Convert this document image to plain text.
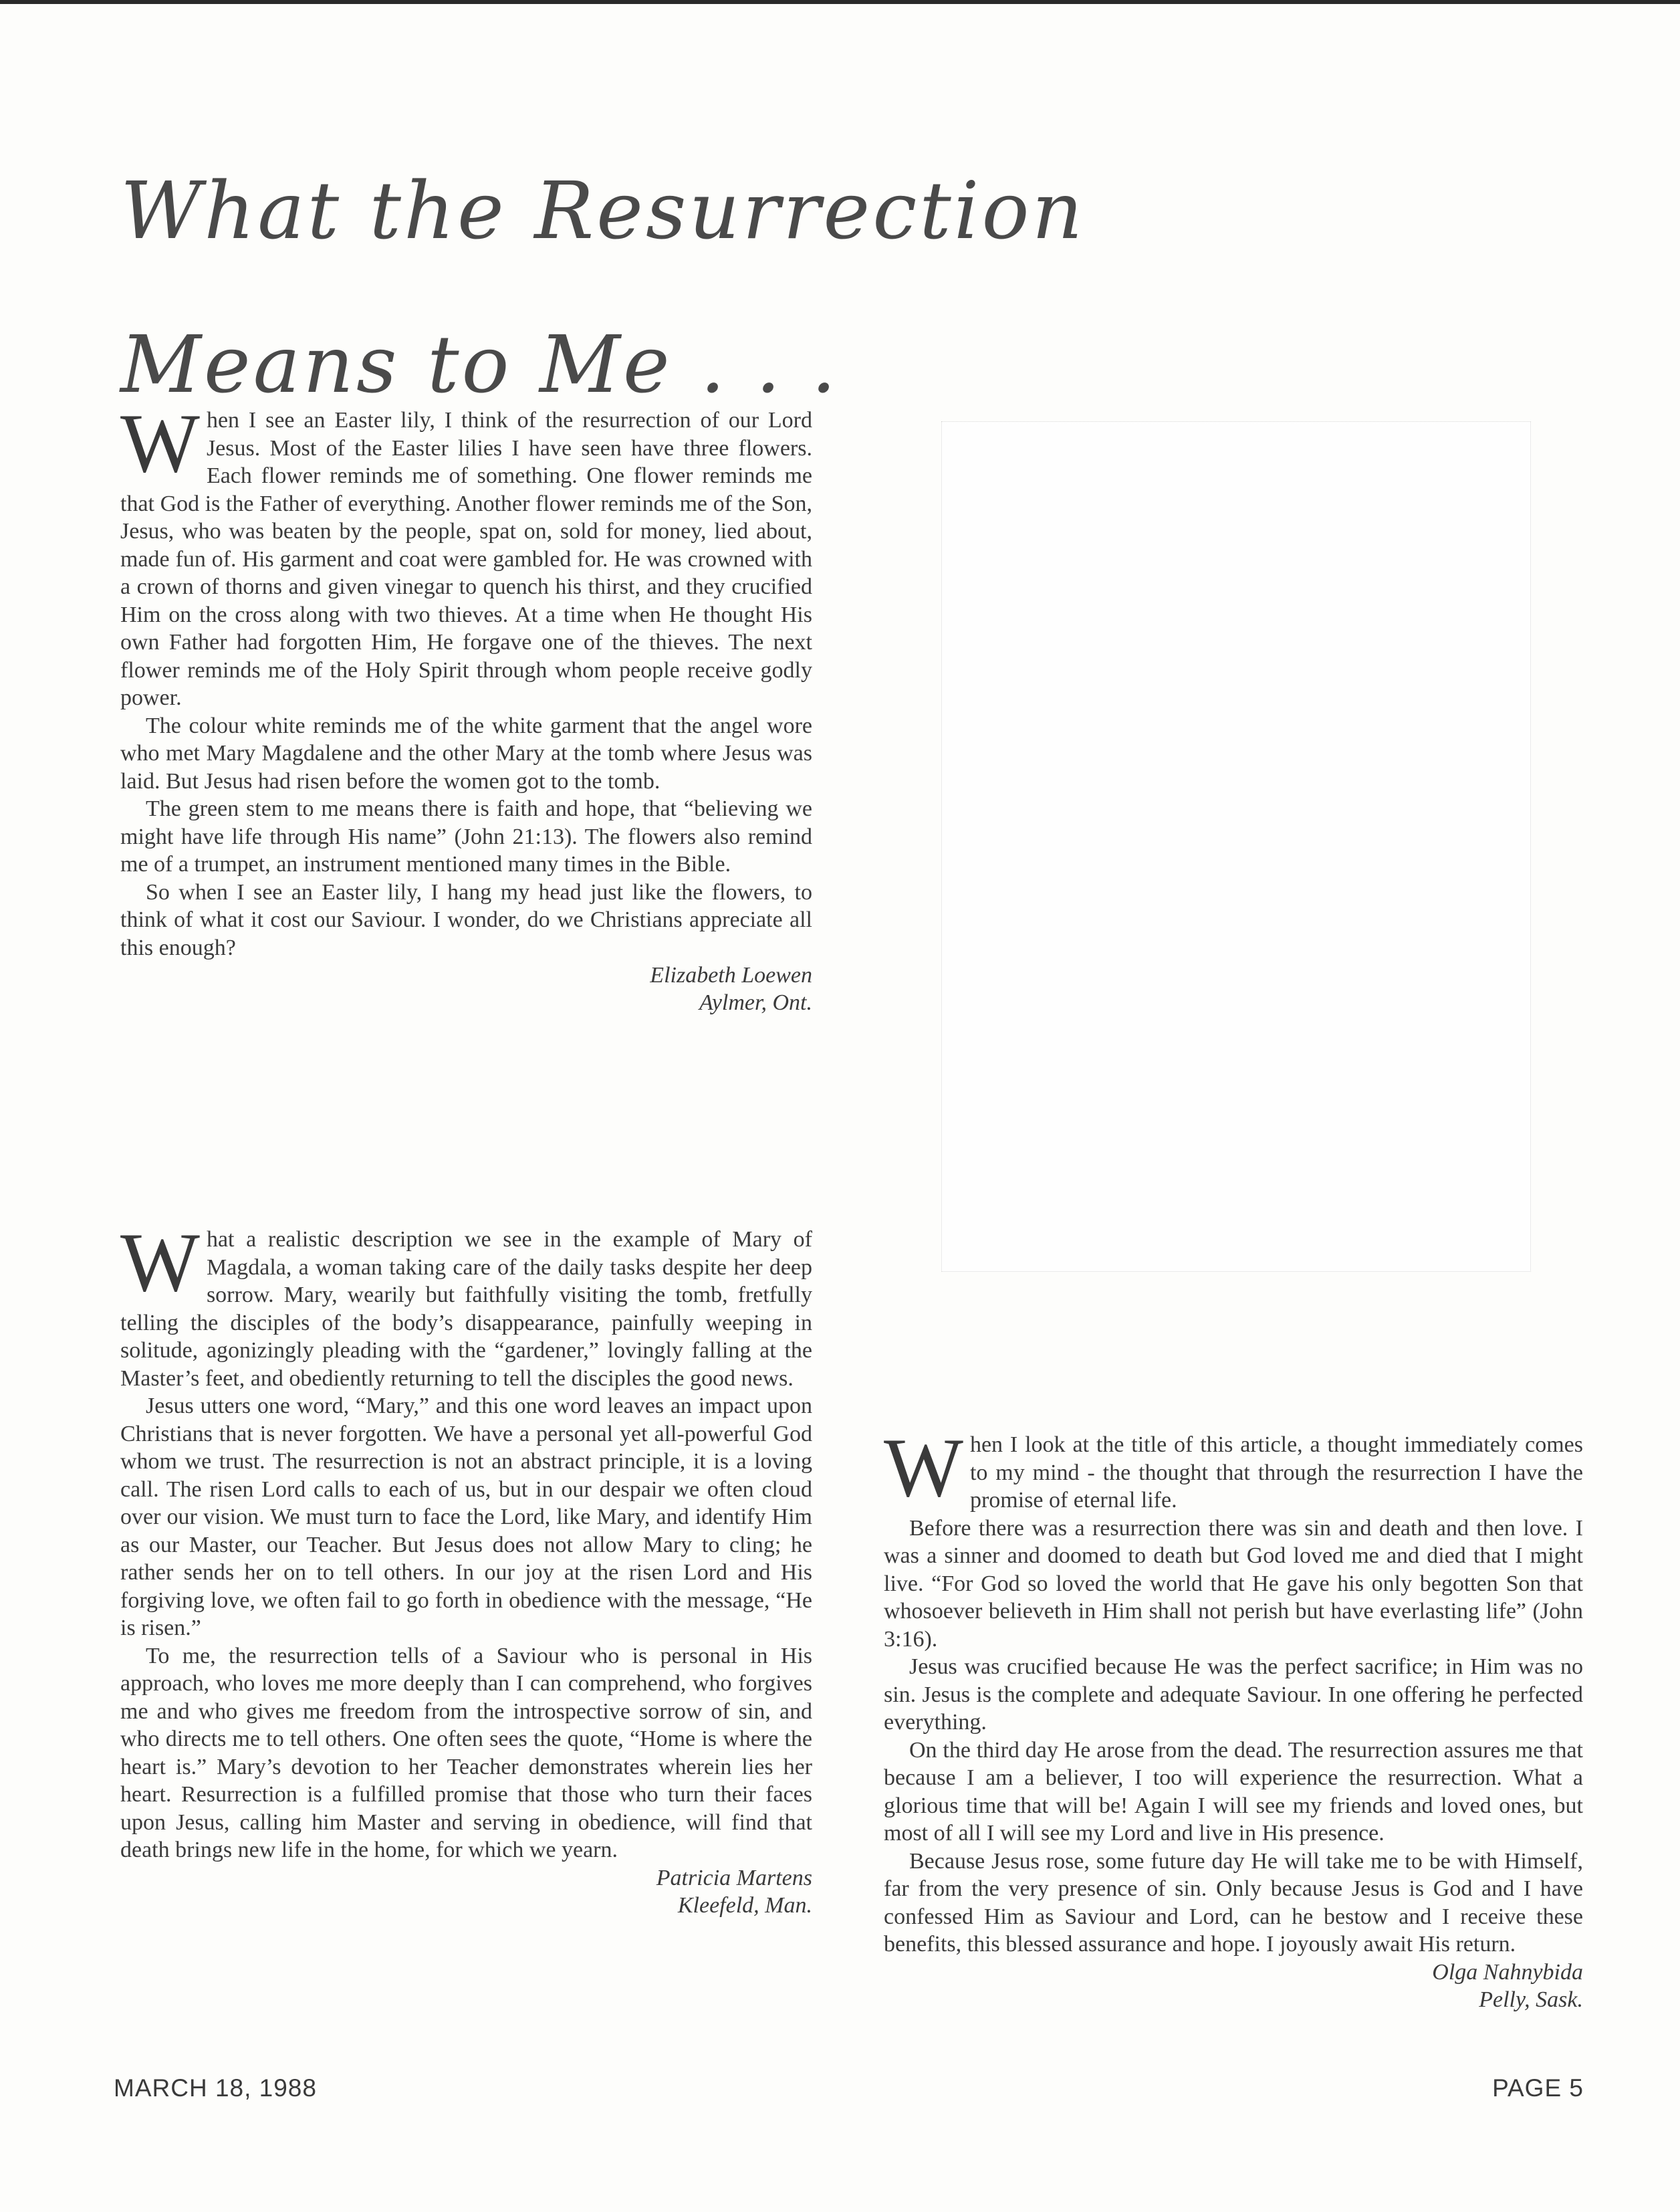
What the Resurrection
Means to Me . . .

When I see an Easter lily, I think of the resurrection of our Lord Jesus. Most of the Easter lilies I have seen have three flowers. Each flower reminds me of something. One flower reminds me that God is the Father of everything. Another flower reminds me of the Son, Jesus, who was beaten by the people, spat on, sold for money, lied about, made fun of. His garment and coat were gambled for. He was crowned with a crown of thorns and given vinegar to quench his thirst, and they crucified Him on the cross along with two thieves. At a time when He thought His own Father had forgotten Him, He forgave one of the thieves. The next flower reminds me of the Holy Spirit through whom people receive godly power.

The colour white reminds me of the white garment that the angel wore who met Mary Magdalene and the other Mary at the tomb where Jesus was laid. But Jesus had risen before the women got to the tomb.

The green stem to me means there is faith and hope, that “believing we might have life through His name” (John 21:13). The flowers also remind me of a trumpet, an instrument mentioned many times in the Bible.

So when I see an Easter lily, I hang my head just like the flowers, to think of what it cost our Saviour. I wonder, do we Christians appreciate all this enough?

Elizabeth Loewen
Aylmer, Ont.

What a realistic description we see in the example of Mary of Magdala, a woman taking care of the daily tasks despite her deep sorrow. Mary, wearily but faithfully visiting the tomb, fretfully telling the disciples of the body’s disappearance, painfully weeping in solitude, agonizingly pleading with the “gardener,” lovingly falling at the Master’s feet, and obediently returning to tell the disciples the good news.

Jesus utters one word, “Mary,” and this one word leaves an impact upon Christians that is never forgotten. We have a personal yet all-powerful God whom we trust. The resurrection is not an abstract principle, it is a loving call. The risen Lord calls to each of us, but in our despair we often cloud over our vision. We must turn to face the Lord, like Mary, and identify Him as our Master, our Teacher. But Jesus does not allow Mary to cling; he rather sends her on to tell others. In our joy at the risen Lord and His forgiving love, we often fail to go forth in obedience with the message, “He is risen.”

To me, the resurrection tells of a Saviour who is personal in His approach, who loves me more deeply than I can comprehend, who forgives me and who gives me freedom from the introspective sorrow of sin, and who directs me to tell others. One often sees the quote, “Home is where the heart is.” Mary’s devotion to her Teacher demonstrates wherein lies her heart. Resurrection is a fulfilled promise that those who turn their faces upon Jesus, calling him Master and serving in obedience, will find that death brings new life in the home, for which we yearn.

Patricia Martens
Kleefeld, Man.

When I look at the title of this article, a thought immediately comes to my mind - the thought that through the resurrection I have the promise of eternal life.

Before there was a resurrection there was sin and death and then love. I was a sinner and doomed to death but God loved me and died that I might live. “For God so loved the world that He gave his only begotten Son that whosoever believeth in Him shall not perish but have everlasting life” (John 3:16).

Jesus was crucified because He was the perfect sacrifice; in Him was no sin. Jesus is the complete and adequate Saviour. In one offering he perfected everything.

On the third day He arose from the dead. The resurrection assures me that because I am a believer, I too will experience the resurrection. What a glorious time that will be! Again I will see my friends and loved ones, but most of all I will see my Lord and live in His presence.

Because Jesus rose, some future day He will take me to be with Himself, far from the very presence of sin. Only because Jesus is God and I have confessed Him as Saviour and Lord, can he bestow and I receive these benefits, this blessed assurance and hope. I joyously await His return.

Olga Nahnybida
Pelly, Sask.
MARCH 18, 1988	PAGE 5
